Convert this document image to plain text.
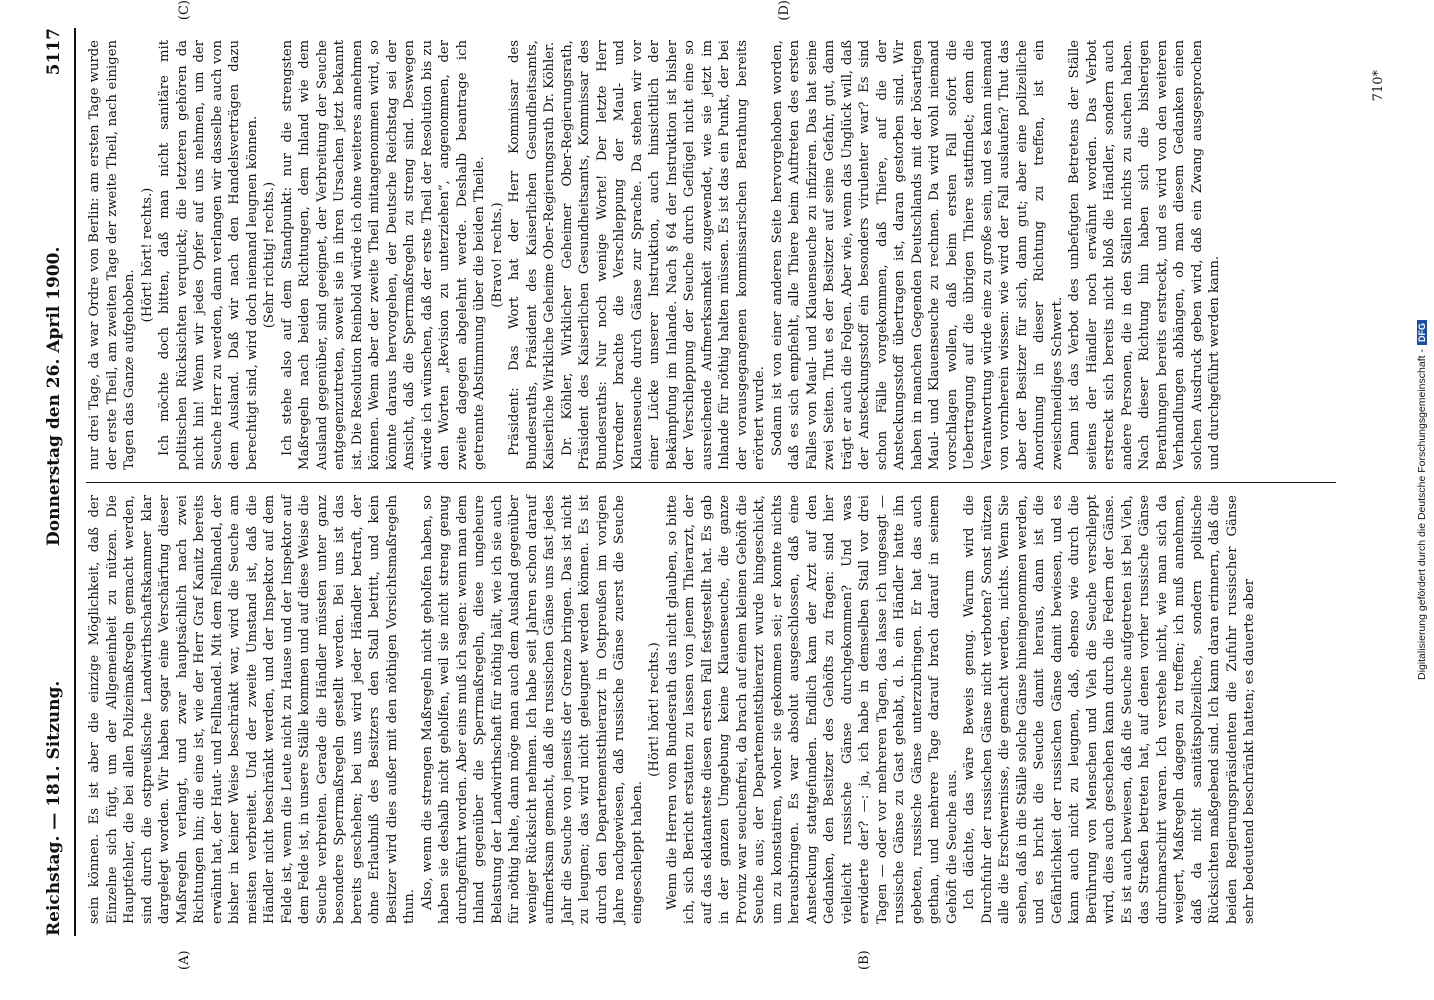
Reichstag. — 181. Sitzung.
Donnerstag den 26. April 1900.
5117
(A)	(B)

sein können. Es ist aber die einzige Möglichkeit, daß der Einzelne sich fügt, um der Allgemeinheit zu nützen. Die Hauptfehler, die bei allen Polizeimaßregeln gemacht werden, sind durch die ostpreußische Landwirthschaftskammer klar dargelegt worden. Wir haben sogar eine Verschärfung dieser Maßregeln verlangt, und zwar hauptsächlich nach zwei Richtungen hin; die eine ist, wie der Herr Graf Kanitz bereits erwähnt hat, der Haut- und Fellhandel. Mit dem Fellhandel, der bisher in keiner Weise beschränkt war, wird die Seuche am meisten verbreitet. Und der zweite Umstand ist, daß die Händler nicht beschränkt werden, und der Inspektor auf dem Felde ist, wenn die Leute nicht zu Hause und der Inspektor auf dem Felde ist, in unsere Ställe kommen und auf diese Weise die Seuche verbreiten. Gerade die Händler müssten unter ganz besondere Sperrmaßregeln gestellt werden. Bei uns ist das bereits geschehen; bei uns wird jeder Händler betraft, der ohne Erlaubniß des Besitzers den Stall betritt, und kein Besitzer wird dies außer mit den nöthigen Vorsichtsmaßregeln thun. Also, wenn die strengen Maßregeln nicht geholfen haben, so haben sie deshalb nicht geholfen, weil sie nicht streng genug durchgeführt worden. Aber eins muß ich sagen: wenn man dem Inland gegenüber die Sperrmaßregeln, diese ungeheure Belastung der Landwirthschaft für nöthig hält, wie ich sie auch für nöthig halte, dann möge man auch dem Ausland gegenüber weniger Rücksicht nehmen. Ich habe seit Jahren schon darauf aufmerksam gemacht, daß die russischen Gänse uns fast jedes Jahr die Seuche von jenseits der Grenze bringen. Das ist nicht zu leugnen; das wird nicht geleugnet werden können. Es ist durch den Departementsthierarzt in Ostpreußen im vorigen Jahre nachgewiesen, daß russische Gänse zuerst die Seuche eingeschleppt haben.

(Hört! hört! rechts.) Wenn die Herren vom Bundesrath das nicht glauben, so bitte ich, sich Bericht erstatten zu lassen von jenem Thierarzt, der auf das eklatanteste diesen ersten Fall festgestellt hat. Es gab in der ganzen Umgebung keine Klauenseuche, die ganze Provinz war seuchenfrei, da brach auf einem kleinen Gehöft die Seuche aus; der Departementsthierarzt wurde hingeschickt, um zu konstatiren, woher sie gekommen sei; er konnte nichts herausbringen. Es war absolut ausgeschlossen, daß eine Ansteckung stattgefunden. Endlich kam der Arzt auf den Gedanken, den Besitzer des Gehöfts zu fragen: sind hier vielleicht russische Gänse durchgekommen? Und was erwiderte der? —: ja, ich habe in demselben Stall vor drei Tagen — oder vor mehreren Tagen, das lasse ich ungesagt — russische Gänse zu Gast gehabt, d. h. ein Händler hatte ihn gebeten, russische Gänse unterzubringen. Er hat das auch gethan, und mehrere Tage darauf brach darauf in seinem Gehöft die Seuche aus. Ich dächte, das wäre Beweis genug. Warum wird die Durchfuhr der russischen Gänse nicht verboten? Sonst nützen alle die Erschwernisse, die gemacht werden, nichts. Wenn Sie sehen, daß in die Ställe solche Gänse hineingenommen werden, und es bricht die Seuche damit heraus, dann ist die Gefährlichkeit der russischen Gänse damit bewiesen, und es kann auch nicht zu leugnen, daß, ebenso wie durch die Berührung von Menschen und Vieh die Seuche verschleppt wird, dies auch geschehen kann durch die Federn der Gänse. Es ist auch bewiesen, daß die Seuche aufgetreten ist bei Vieh, das Straßen betreten hat, auf denen vorher russische Gänse durchmarschirt waren. Ich verstehe nicht, wie man sich da weigert, Maßregeln dagegen zu treffen; ich muß annehmen, daß da nicht sanitätspolizeiliche, sondern politische Rücksichten maßgebend sind. Ich kann daran erinnern, daß die beiden Regierungspräsidenten die Zufuhr russischer Gänse sehr bedeutend beschränkt hatten; es dauerte aber

(C)	(D)

nur drei Tage, da war Ordre von Berlin: am ersten Tage wurde der erste Theil, am zweiten Tage der zweite Theil, nach einigen Tagen das Ganze aufgehoben.

(Hört! hört! rechts.) Ich möchte doch bitten, daß man nicht sanitäre mit politischen Rücksichten verquickt; die letzteren gehören da nicht hin! Wenn wir jedes Opfer auf uns nehmen, um der Seuche Herr zu werden, dann verlangen wir dasselbe auch von dem Ausland. Daß wir nach den Handelsverträgen dazu berechtigt sind, wird doch niemand leugnen können. (Sehr richtig! rechts.) Ich stehe also auf dem Standpunkt: nur die strengsten Maßregeln nach beiden Richtungen, dem Inland wie dem Ausland gegenüber, sind geeignet, der Verbreitung der Seuche entgegenzutreten, soweit sie in ihren Ursachen jetzt bekannt ist. Die Resolution Reinbold würde ich ohne weiteres annehmen können. Wenn aber der zweite Theil mitangenommen wird, so könnte daraus hervorgehen, der Deutsche Reichstag sei der Ansicht, daß die Sperrmaßregeln zu streng sind. Deswegen würde ich wünschen, daß der erste Theil der Resolution bis zu den Worten „Revision zu unterziehen“, angenommen, der zweite dagegen abgelehnt werde. Deshalb beantrage ich getrennte Abstimmung über die beiden Theile. (Bravo! rechts.) Präsident: Das Wort hat der Herr Kommissar des Bundesraths, Präsident des Kaiserlichen Gesundheitsamts, Kaiserliche Wirkliche Geheime Ober-Regierungsrath Dr. Köhler. Dr. Köhler, Wirklicher Geheimer Ober-Regierungsrath, Präsident des Kaiserlichen Gesundheitsamts, Kommissar des Bundesraths: Nur noch wenige Worte! Der letzte Herr Vorredner brachte die Verschleppung der Maul- und Klauenseuche durch Gänse zur Sprache. Da stehen wir vor einer Lücke unserer Instruktion, auch hinsichtlich der Bekämpfung im Inlande. Nach § 64 der Instruktion ist bisher der Verschleppung der Seuche durch Geflügel nicht eine so ausreichende Aufmerksamkeit zugewendet, wie sie jetzt im Inlande für nöthig halten müssen. Es ist das ein Punkt, der bei der vorausgegangenen kommissarischen Berathung bereits erörtert wurde. Sodann ist von einer anderen Seite hervorgehoben worden, daß es sich empfiehlt, alle Thiere beim Auftreten des ersten Falles von Maul- und Klauenseuche zu infiziren. Das hat seine zwei Seiten. Thut es der Besitzer auf seine Gefahr, gut, dann trägt er auch die Folgen. Aber wie, wenn das Unglück will, daß der Ansteckungsstoff ein besonders virulenter war? Es sind schon Fälle vorgekommen, daß Thiere, auf die der Ansteckungsstoff übertragen ist, daran gestorben sind. Wir haben in manchen Gegenden Deutschlands mit der bösartigen Maul- und Klauenseuche zu rechnen. Da wird wohl niemand vorschlagen wollen, daß beim ersten Fall sofort die Uebertragung auf die übrigen Thiere stattfindet; denn die Verantwortung würde eine zu große sein, und es kann niemand von vornherein wissen: wie wird der Fall auslaufen? Thut das aber der Besitzer für sich, dann gut; aber eine polizeiliche Anordnung in dieser Richtung zu treffen, ist ein zweischneidiges Schwert. Dann ist das Verbot des unbefugten Betretens der Ställe seitens der Händler noch erwähnt worden. Das Verbot erstreckt sich bereits nicht bloß die Händler, sondern auch andere Personen, die in den Ställen nichts zu suchen haben. Nach dieser Richtung hin haben sich die bisherigen Berathungen bereits erstreckt, und es wird von den weiteren Verhandlungen abhängen, ob man diesem Gedanken einen solchen Ausdruck geben wird, daß ein Zwang ausgesprochen und durchgeführt werden kann.

710*
Digitalisierung gefördert durch die Deutsche Forschungsgemeinschaft -
DFG
